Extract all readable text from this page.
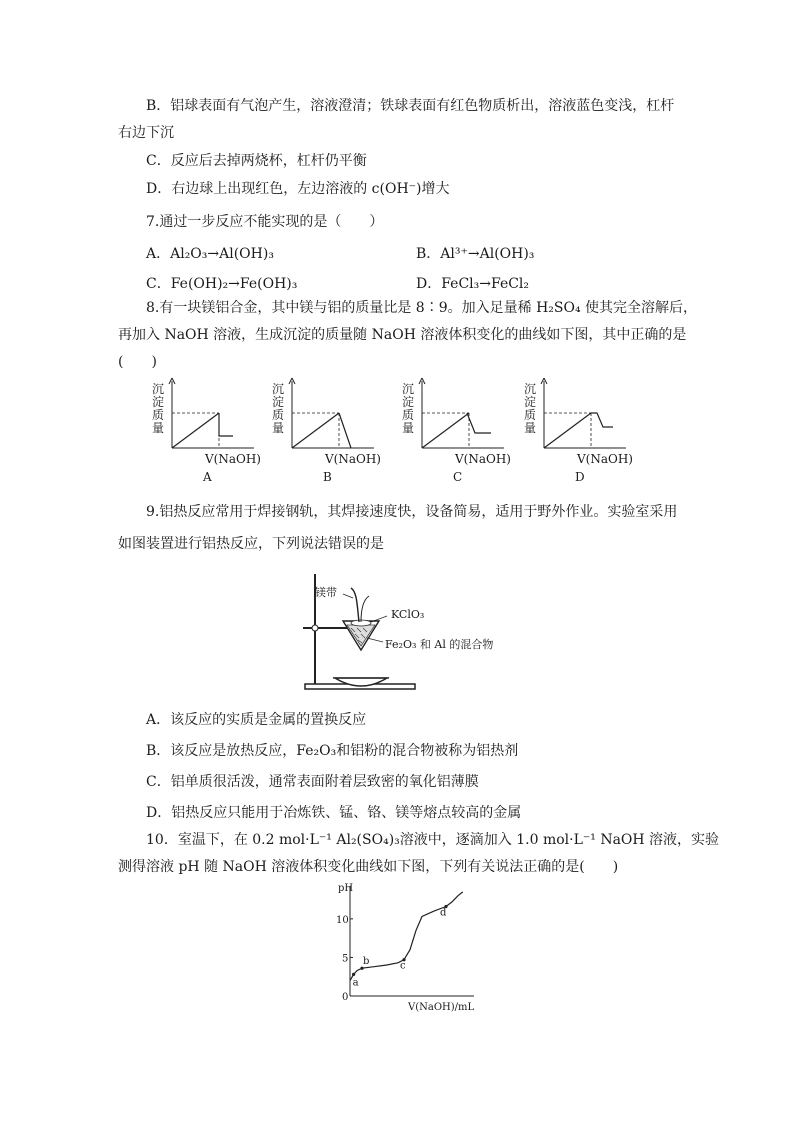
B．铝球表面有气泡产生，溶液澄清；铁球表面有红色物质析出，溶液蓝色变浅，杠杆
右边下沉
C．反应后去掉两烧杯，杠杆仍平衡
D．右边球上出现红色，左边溶液的 c(OH⁻)增大
7.通过一步反应不能实现的是（　　）
A．Al₂O₃→Al(OH)₃	B．Al³⁺→Al(OH)₃
C．Fe(OH)₂→Fe(OH)₃	D．FeCl₃→FeCl₂
8.有一块镁铝合金，其中镁与铝的质量比是 8∶9。加入足量稀 H₂SO₄ 使其完全溶解后，
再加入 NaOH 溶液，生成沉淀的质量随 NaOH 溶液体积变化的曲线如下图，其中正确的是
(　　)
沉
淀
质
量
V(NaOH)
A
沉
淀
质
量
V(NaOH)
B
沉
淀
质
量
V(NaOH)
C
沉
淀
质
量
V(NaOH)
D
9.铝热反应常用于焊接钢轨，其焊接速度快，设备简易，适用于野外作业。实验室采用
如图装置进行铝热反应，下列说法错误的是
镁带
KClO₃
Fe₂O₃ 和 Al 的混合物
A．该反应的实质是金属的置换反应
B．该反应是放热反应，Fe₂O₃和铝粉的混合物被称为铝热剂
C．铝单质很活泼，通常表面附着层致密的氧化铝薄膜
D．铝热反应只能用于冶炼铁、锰、铬、镁等熔点较高的金属
10．室温下，在 0.2 mol·L⁻¹ Al₂(SO₄)₃溶液中，逐滴加入 1.0 mol·L⁻¹ NaOH 溶液，实验
测得溶液 pH 随 NaOH 溶液体积变化曲线如下图，下列有关说法正确的是(　　)
pH
V(NaOH)/mL
0
5
10
a
b	c
d
